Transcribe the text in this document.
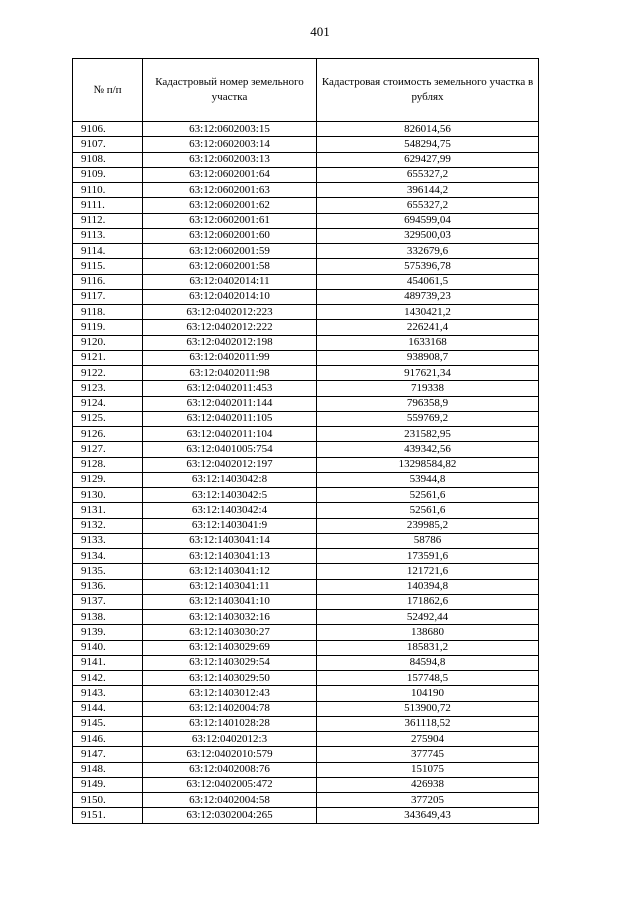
401
№ п/п	Кадастровый номер земельного участка	Кадастровая стоимость земельного участка в рублях
9106.	63:12:0602003:15	826014,56
9107.	63:12:0602003:14	548294,75
9108.	63:12:0602003:13	629427,99
9109.	63:12:0602001:64	655327,2
9110.	63:12:0602001:63	396144,2
9111.	63:12:0602001:62	655327,2
9112.	63:12:0602001:61	694599,04
9113.	63:12:0602001:60	329500,03
9114.	63:12:0602001:59	332679,6
9115.	63:12:0602001:58	575396,78
9116.	63:12:0402014:11	454061,5
9117.	63:12:0402014:10	489739,23
9118.	63:12:0402012:223	1430421,2
9119.	63:12:0402012:222	226241,4
9120.	63:12:0402012:198	1633168
9121.	63:12:0402011:99	938908,7
9122.	63:12:0402011:98	917621,34
9123.	63:12:0402011:453	719338
9124.	63:12:0402011:144	796358,9
9125.	63:12:0402011:105	559769,2
9126.	63:12:0402011:104	231582,95
9127.	63:12:0401005:754	439342,56
9128.	63:12:0402012:197	13298584,82
9129.	63:12:1403042:8	53944,8
9130.	63:12:1403042:5	52561,6
9131.	63:12:1403042:4	52561,6
9132.	63:12:1403041:9	239985,2
9133.	63:12:1403041:14	58786
9134.	63:12:1403041:13	173591,6
9135.	63:12:1403041:12	121721,6
9136.	63:12:1403041:11	140394,8
9137.	63:12:1403041:10	171862,6
9138.	63:12:1403032:16	52492,44
9139.	63:12:1403030:27	138680
9140.	63:12:1403029:69	185831,2
9141.	63:12:1403029:54	84594,8
9142.	63:12:1403029:50	157748,5
9143.	63:12:1403012:43	104190
9144.	63:12:1402004:78	513900,72
9145.	63:12:1401028:28	361118,52
9146.	63:12:0402012:3	275904
9147.	63:12:0402010:579	377745
9148.	63:12:0402008:76	151075
9149.	63:12:0402005:472	426938
9150.	63:12:0402004:58	377205
9151.	63:12:0302004:265	343649,43
